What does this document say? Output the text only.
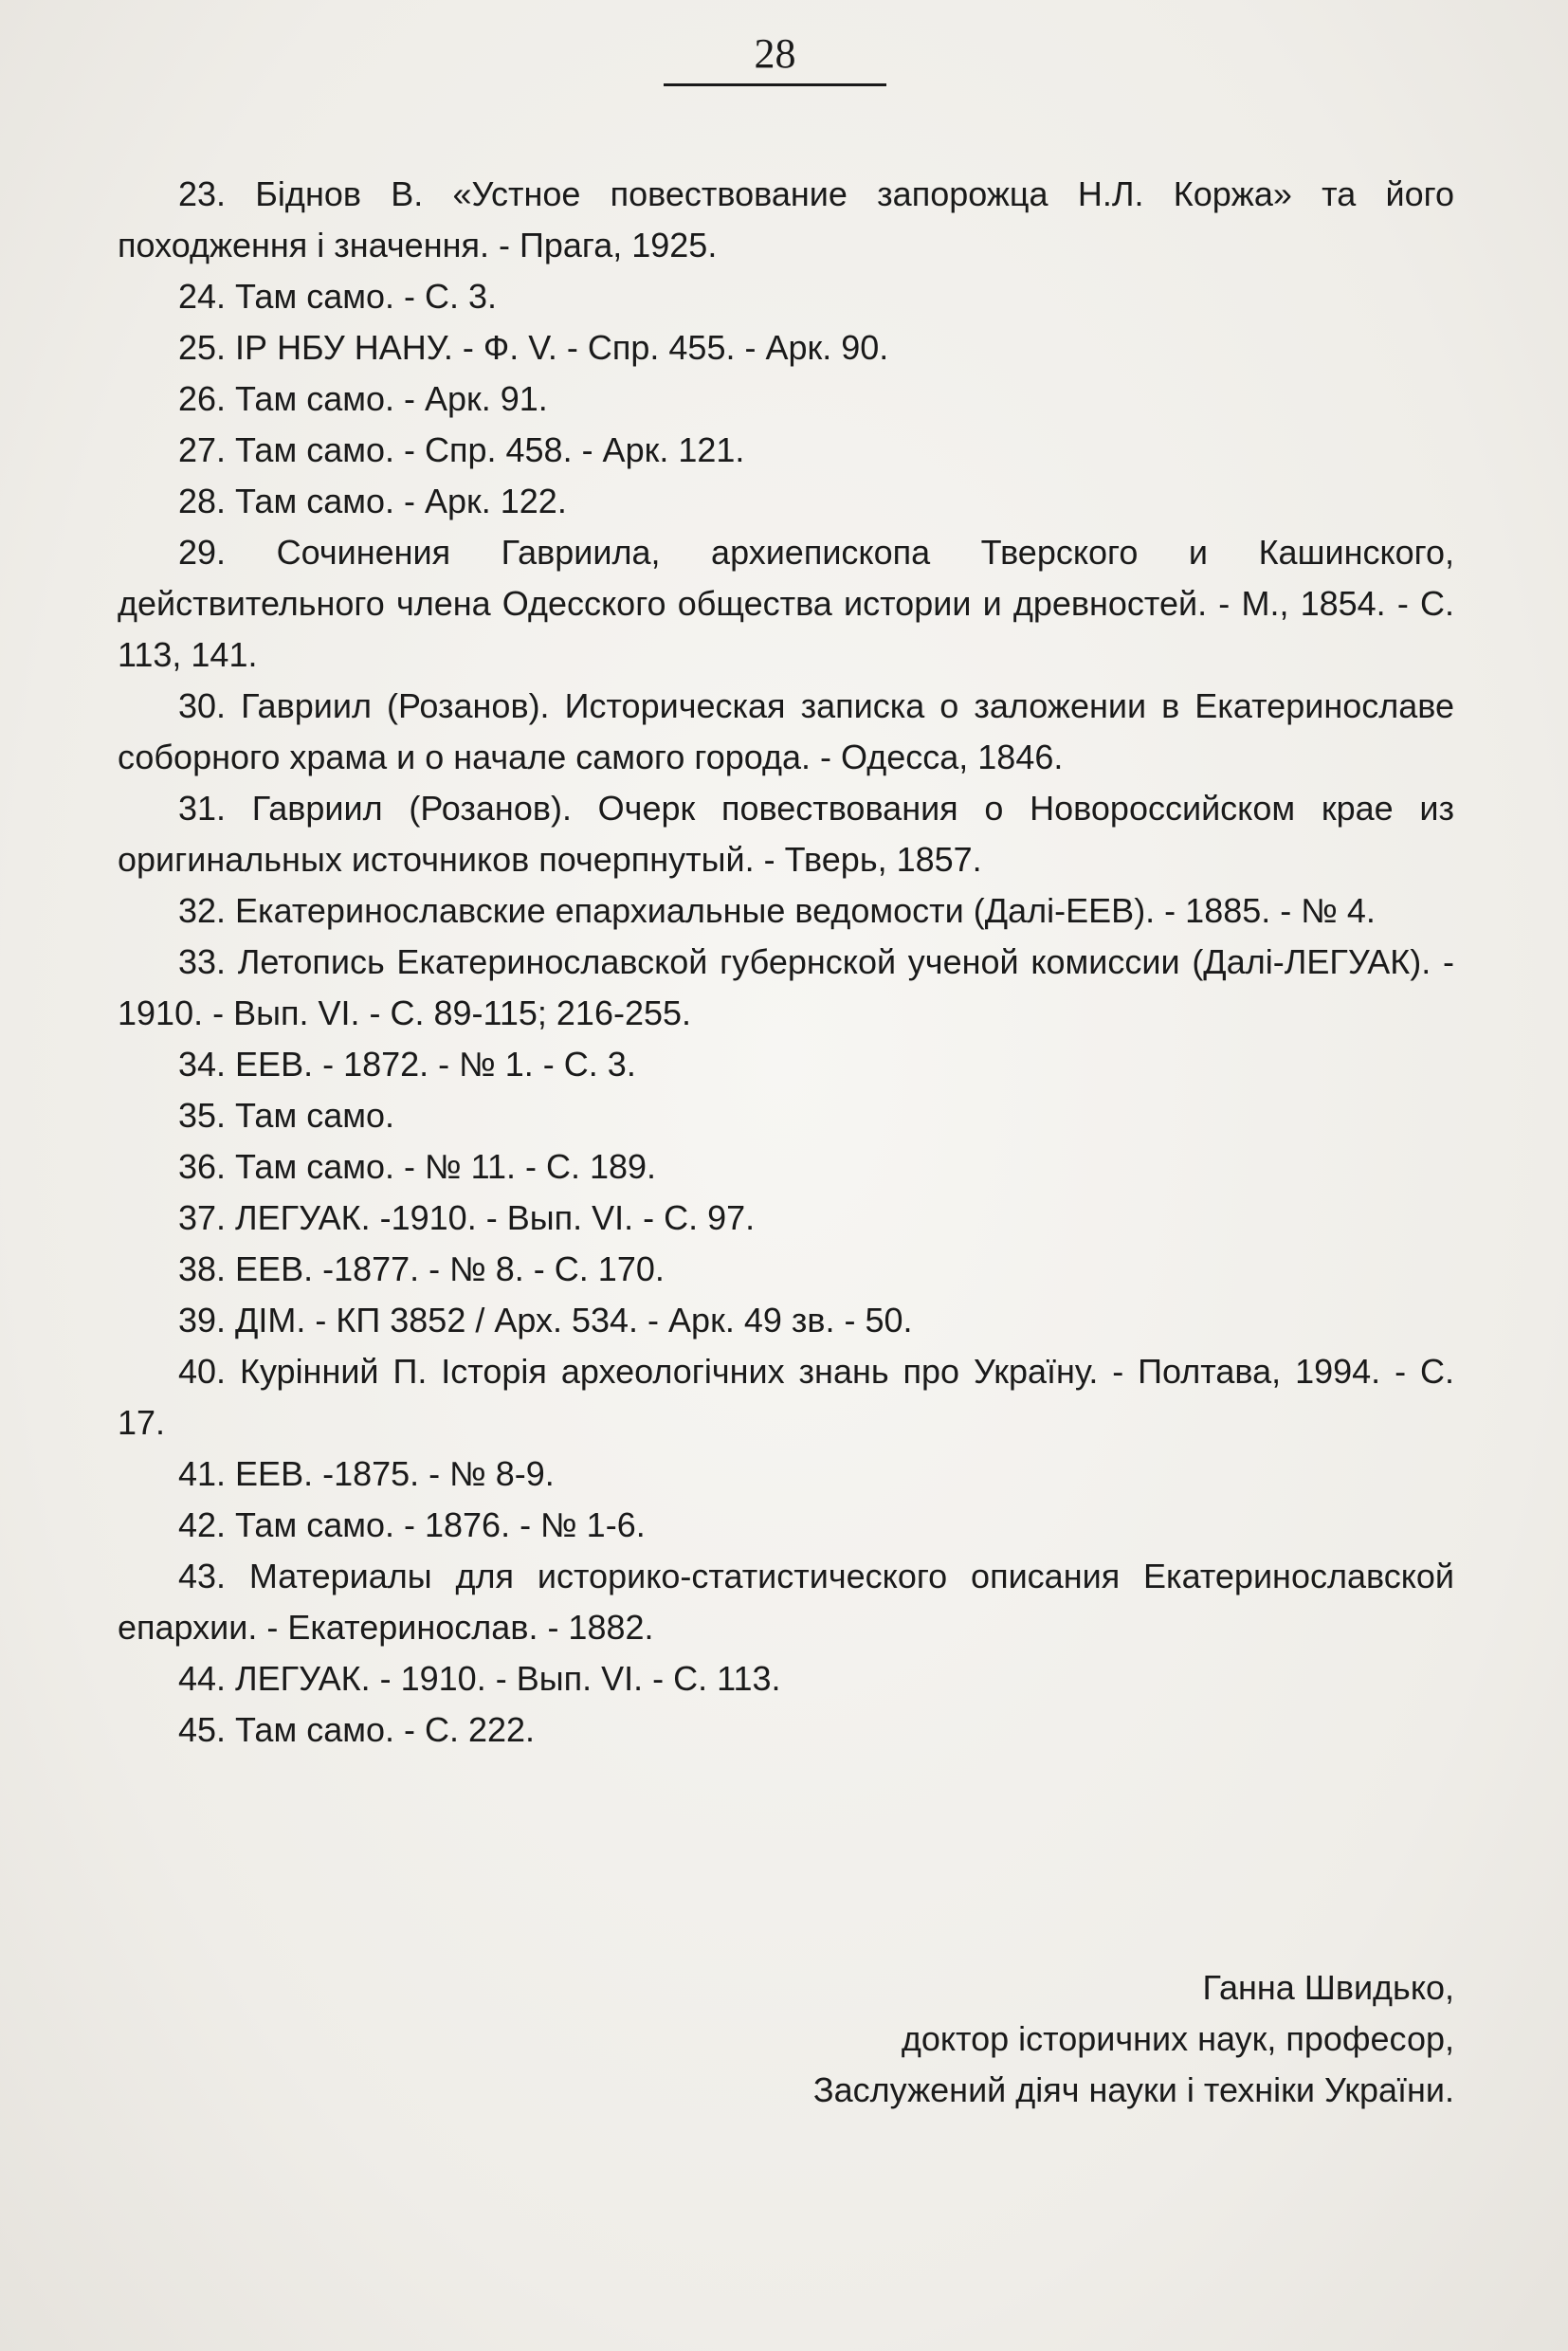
28

23. Біднов В. «Устное повествование запорожца Н.Л. Коржа» та його походження і значення. - Прага, 1925.

24. Там само. - С. 3.

25. ІР НБУ НАНУ. - Ф. V. - Спр. 455. - Арк. 90.

26. Там само. - Арк. 91.

27. Там само. - Спр. 458. - Арк. 121.

28. Там само. - Арк. 122.

29. Сочинения Гавриила, архиепископа Тверского и Кашинского, действительного члена Одесского общества истории и древностей. - М., 1854. - С. 113, 141.

30. Гавриил (Розанов). Историческая записка о заложении в Екатеринославе соборного храма и о начале самого города. - Одесса, 1846.

31. Гавриил (Розанов). Очерк повествования о Новороссийском крае из оригинальных источников почерпнутый. - Тверь, 1857.

32. Екатеринославские епархиальные ведомости (Далі-ЕЕВ). - 1885. - № 4.

33. Летопись Екатеринославской губернской ученой комиссии (Далі-ЛЕГУАК). - 1910. - Вып. VI. - С. 89-115; 216-255.

34. ЕЕВ. - 1872. - № 1. - С. 3.

35. Там само.

36. Там само. - № 11. - С. 189.

37. ЛЕГУАК. -1910. - Вып. VI. - С. 97.

38. ЕЕВ. -1877. - № 8. - С. 170.

39. ДІМ. - КП 3852 / Арх. 534. - Арк. 49 зв. - 50.

40. Курінний П. Історія археологічних знань про Україну. - Полтава, 1994. - С. 17.

41. ЕЕВ. -1875. - № 8-9.

42. Там само. - 1876. - № 1-6.

43. Материалы для историко-статистического описания Екатеринославской епархии. - Екатеринослав. - 1882.

44. ЛЕГУАК. - 1910. - Вып. VI. - С. 113.

45. Там само. - С. 222.

Ганна Швидько,
доктор історичних наук, професор,
Заслужений діяч науки і техніки України.
